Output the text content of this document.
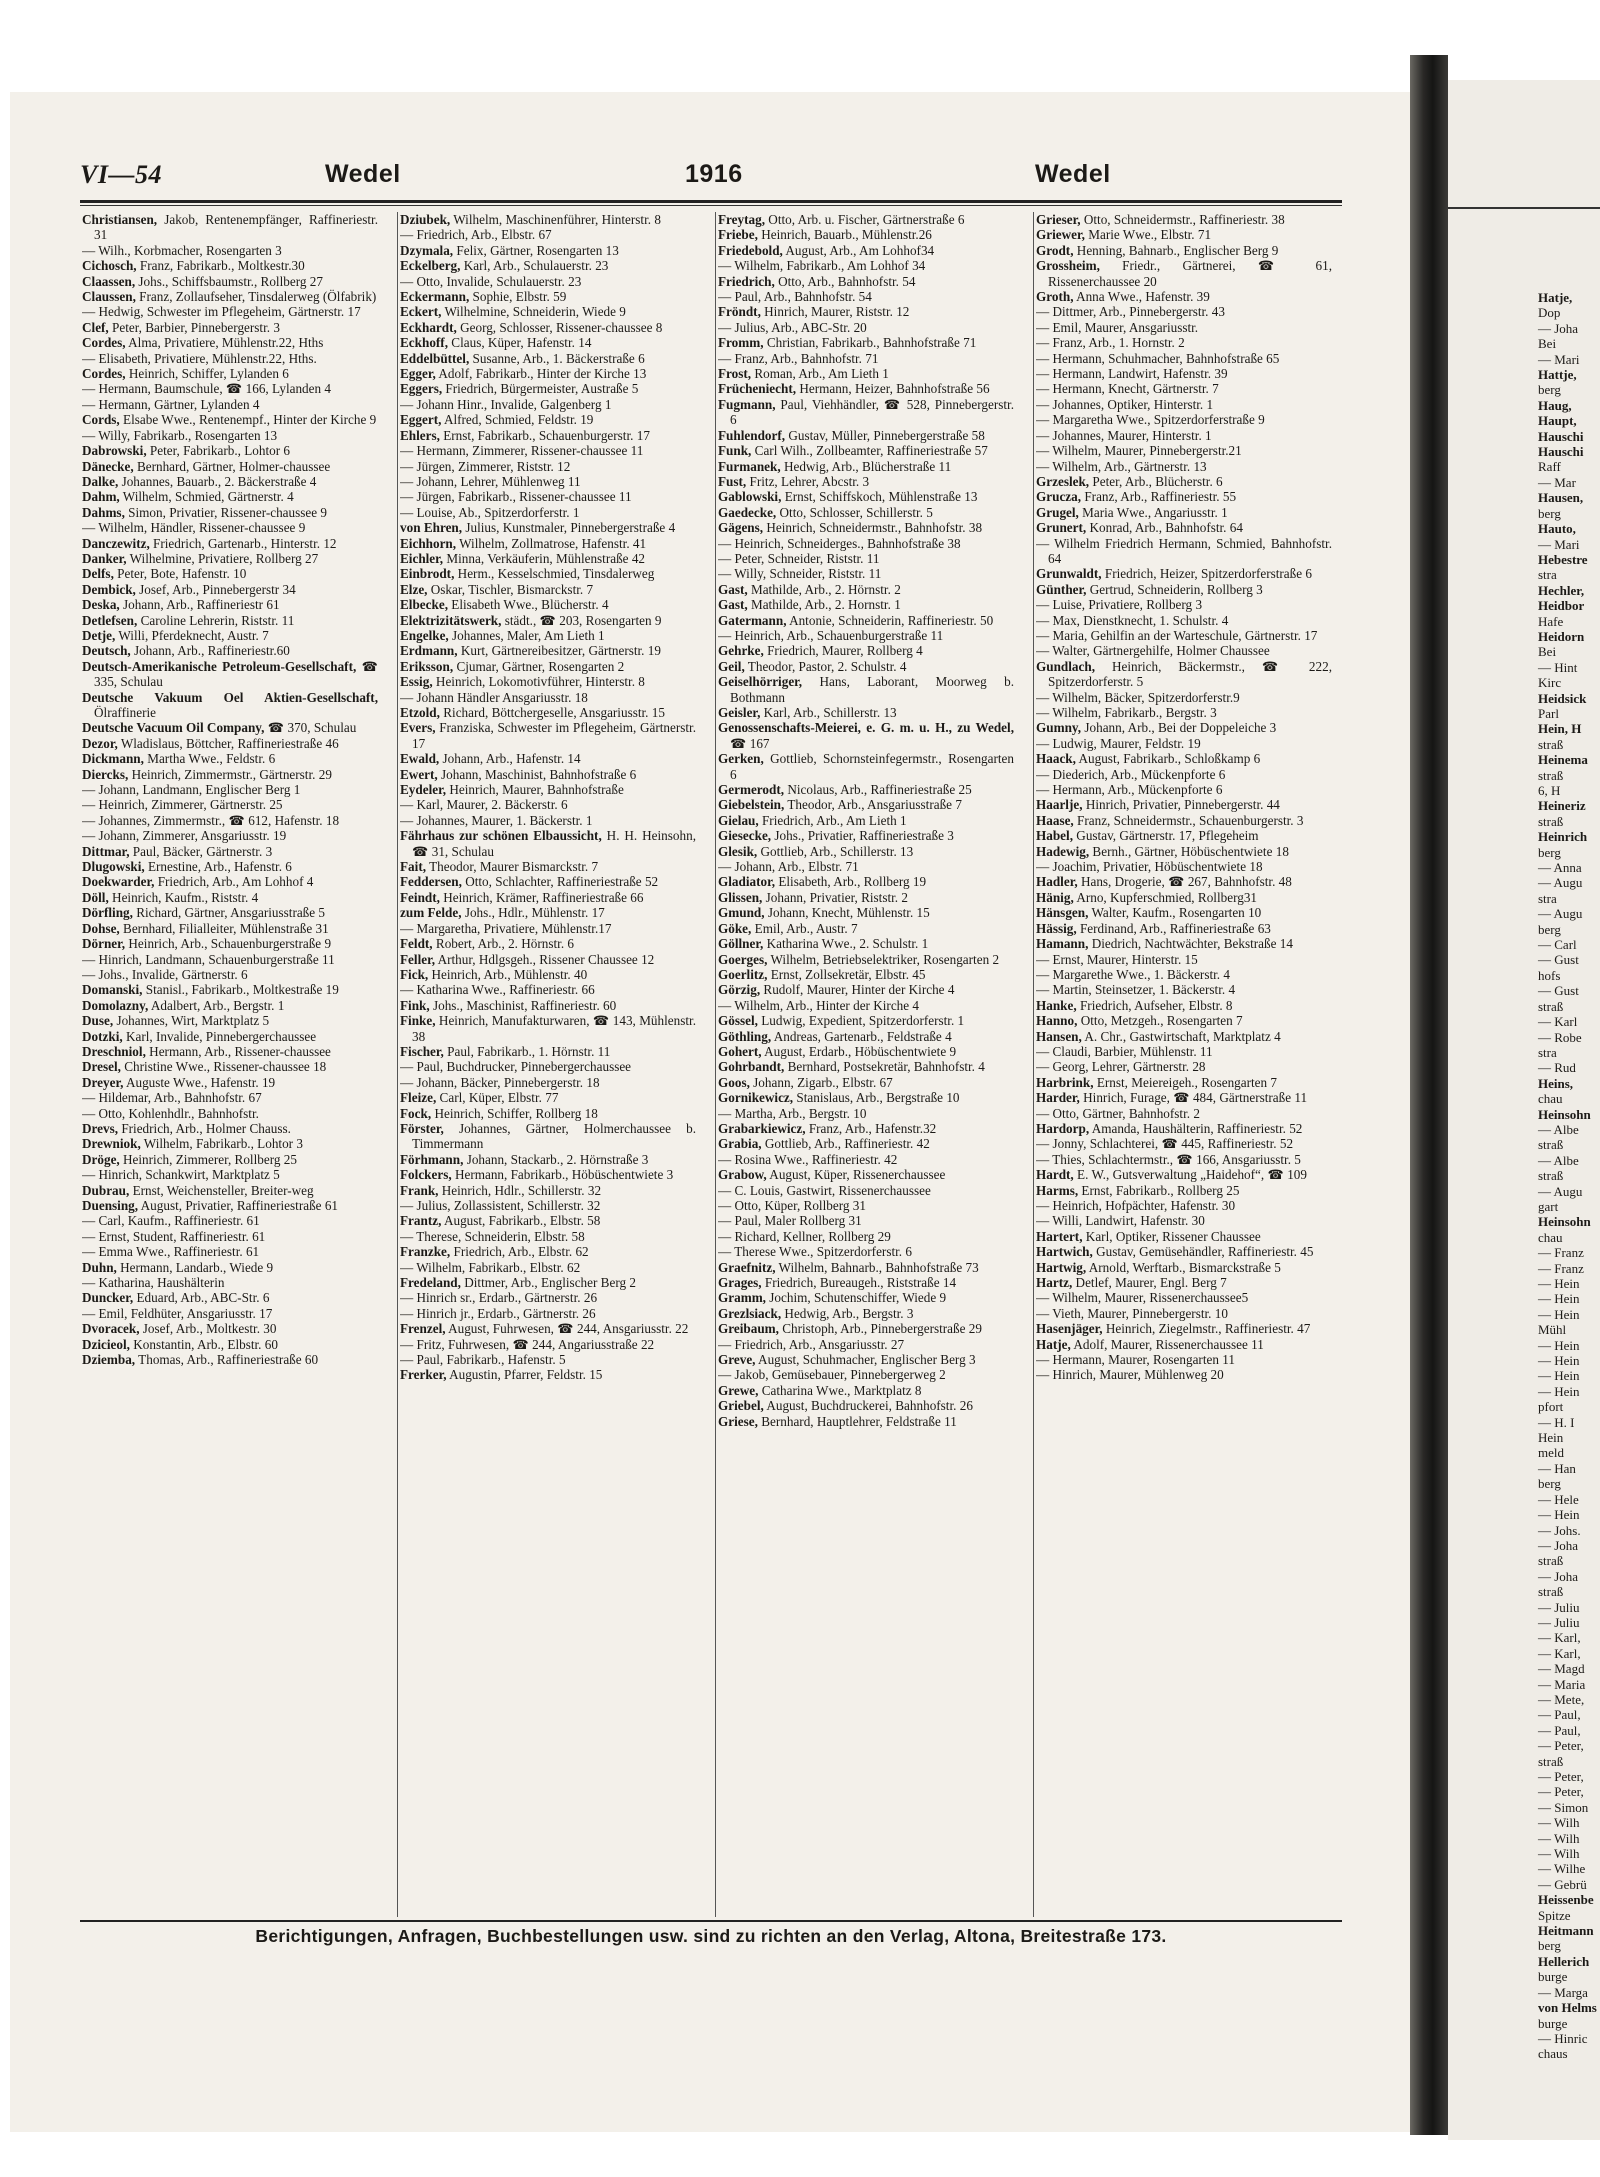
Hatje,
Dop
— Joha
Bei
— Mari
Hattje,
berg
Haug,
Haupt,
Hauschi
Hauschi
Raff
— Mar
Hausen,
berg
Hauto,
— Mari
Hebestre
stra
Hechler,
Heidbor
Hafe
Heidorn
Bei
— Hint
Kirc
Heidsick
Parl
Hein, H
straß
Heinema
straß
6, H
Heineriz
straß
Heinrich
berg
— Anna
— Augu
stra
— Augu
berg
— Carl
— Gust
hofs
— Gust
straß
— Karl
— Robe
stra
— Rud
Heins,
chau
Heinsohn
— Albe
straß
— Albe
straß
— Augu
gart
Heinsohn
chau
— Franz
— Franz
— Hein
— Hein
— Hein
Mühl
— Hein
— Hein
— Hein
— Hein
pfort
— H. I
Hein
meld
— Han
berg
— Hele
— Hein
— Johs.
— Joha
straß
— Joha
straß
— Juliu
— Juliu
— Karl,
— Karl,
— Magd
— Maria
— Mete,
— Paul,
— Paul,
— Peter,
straß
— Peter,
— Peter,
— Simon
— Wilh
— Wilh
— Wilh
— Wilhe
— Gebrü
Heissenbe
Spitze
Heitmann
berg
Hellerich
burge
— Marga
von Helms
burge
— Hinric
chaus
VI—54	Wedel	1916	Wedel

Christiansen, Jakob, Rentenempfänger, Raffineriestr. 31

— Wilh., Korbmacher, Rosengarten 3

Cichosch, Franz, Fabrikarb., Moltkestr.30

Claassen, Johs., Schiffsbaumstr., Rollberg 27

Claussen, Franz, Zollaufseher, Tinsdalerweg (Ölfabrik)

— Hedwig, Schwester im Pflegeheim, Gärtnerstr. 17

Clef, Peter, Barbier, Pinnebergerstr. 3

Cordes, Alma, Privatiere, Mühlenstr.22, Hths

— Elisabeth, Privatiere, Mühlenstr.22, Hths.

Cordes, Heinrich, Schiffer, Lylanden 6

— Hermann, Baumschule, ☎ 166, Lylanden 4

— Hermann, Gärtner, Lylanden 4

Cords, Elsabe Wwe., Rentenempf., Hinter der Kirche 9

— Willy, Fabrikarb., Rosengarten 13

Dabrowski, Peter, Fabrikarb., Lohtor 6

Dänecke, Bernhard, Gärtner, Holmer-chaussee

Dalke, Johannes, Bauarb., 2. Bäckerstraße 4

Dahm, Wilhelm, Schmied, Gärtnerstr. 4

Dahms, Simon, Privatier, Rissener-chaussee 9

— Wilhelm, Händler, Rissener-chaussee 9

Danczewitz, Friedrich, Gartenarb., Hinterstr. 12

Danker, Wilhelmine, Privatiere, Rollberg 27

Delfs, Peter, Bote, Hafenstr. 10

Dembick, Josef, Arb., Pinnebergerstr 34

Deska, Johann, Arb., Raffineriestr 61

Detlefsen, Caroline Lehrerin, Riststr. 11

Detje, Willi, Pferdeknecht, Austr. 7

Deutsch, Johann, Arb., Raffineriestr.60

Deutsch-Amerikanische Petroleum-Gesellschaft, ☎ 335, Schulau

Deutsche Vakuum Oel Aktien-Gesellschaft, Ölraffinerie

Deutsche Vacuum Oil Company, ☎ 370, Schulau

Dezor, Wladislaus, Böttcher, Raffineriestraße 46

Dickmann, Martha Wwe., Feldstr. 6

Diercks, Heinrich, Zimmermstr., Gärtnerstr. 29

— Johann, Landmann, Englischer Berg 1

— Heinrich, Zimmerer, Gärtnerstr. 25

— Johannes, Zimmermstr., ☎ 612, Hafenstr. 18

— Johann, Zimmerer, Ansgariusstr. 19

Dittmar, Paul, Bäcker, Gärtnerstr. 3

Dlugowski, Ernestine, Arb., Hafenstr. 6

Doekwarder, Friedrich, Arb., Am Lohhof 4

Döll, Heinrich, Kaufm., Riststr. 4

Dörfling, Richard, Gärtner, Ansgariusstraße 5

Dohse, Bernhard, Filialleiter, Mühlenstraße 31

Dörner, Heinrich, Arb., Schauenburgerstraße 9

— Hinrich, Landmann, Schauenburgerstraße 11

— Johs., Invalide, Gärtnerstr. 6

Domanski, Stanisl., Fabrikarb., Moltkestraße 19

Domolazny, Adalbert, Arb., Bergstr. 1

Duse, Johannes, Wirt, Marktplatz 5

Dotzki, Karl, Invalide, Pinnebergerchaussee

Dreschniol, Hermann, Arb., Rissener-chaussee

Dresel, Christine Wwe., Rissener-chaussee 18

Dreyer, Auguste Wwe., Hafenstr. 19

— Hildemar, Arb., Bahnhofstr. 67

— Otto, Kohlenhdlr., Bahnhofstr.

Drevs, Friedrich, Arb., Holmer Chauss.

Drewniok, Wilhelm, Fabrikarb., Lohtor 3

Dröge, Heinrich, Zimmerer, Rollberg 25

— Hinrich, Schankwirt, Marktplatz 5

Dubrau, Ernst, Weichensteller, Breiter-weg

Duensing, August, Privatier, Raffineriestraße 61

— Carl, Kaufm., Raffineriestr. 61

— Ernst, Student, Raffineriestr. 61

— Emma Wwe., Raffineriestr. 61

Duhn, Hermann, Landarb., Wiede 9

— Katharina, Haushälterin

Duncker, Eduard, Arb., ABC-Str. 6

— Emil, Feldhüter, Ansgariusstr. 17

Dvoracek, Josef, Arb., Moltkestr. 30

Dzicieol, Konstantin, Arb., Elbstr. 60

Dziemba, Thomas, Arb., Raffineriestraße 60

Dziubek, Wilhelm, Maschinenführer, Hinterstr. 8

— Friedrich, Arb., Elbstr. 67

Dzymala, Felix, Gärtner, Rosengarten 13

Eckelberg, Karl, Arb., Schulauerstr. 23

— Otto, Invalide, Schulauerstr. 23

Eckermann, Sophie, Elbstr. 59

Eckert, Wilhelmine, Schneiderin, Wiede 9

Eckhardt, Georg, Schlosser, Rissener-chaussee 8

Eckhoff, Claus, Küper, Hafenstr. 14

Eddelbüttel, Susanne, Arb., 1. Bäckerstraße 6

Egger, Adolf, Fabrikarb., Hinter der Kirche 13

Eggers, Friedrich, Bürgermeister, Austraße 5

— Johann Hinr., Invalide, Galgenberg 1

Eggert, Alfred, Schmied, Feldstr. 19

Ehlers, Ernst, Fabrikarb., Schauenburgerstr. 17

— Hermann, Zimmerer, Rissener-chaussee 11

— Jürgen, Zimmerer, Riststr. 12

— Johann, Lehrer, Mühlenweg 11

— Jürgen, Fabrikarb., Rissener-chaussee 11

— Louise, Ab., Spitzerdorferstr. 1

von Ehren, Julius, Kunstmaler, Pinnebergerstraße 4

Eichhorn, Wilhelm, Zollmatrose, Hafenstr. 41

Eichler, Minna, Verkäuferin, Mühlenstraße 42

Einbrodt, Herm., Kesselschmied, Tinsdalerweg

Elze, Oskar, Tischler, Bismarckstr. 7

Elbecke, Elisabeth Wwe., Blücherstr. 4

Elektrizitätswerk, städt., ☎ 203, Rosengarten 9

Engelke, Johannes, Maler, Am Lieth 1

Erdmann, Kurt, Gärtnereibesitzer, Gärtnerstr. 19

Eriksson, Cjumar, Gärtner, Rosengarten 2

Essig, Heinrich, Lokomotivführer, Hinterstr. 8

— Johann Händler Ansgariusstr. 18

Etzold, Richard, Böttchergeselle, Ansgariusstr. 15

Evers, Franziska, Schwester im Pflegeheim, Gärtnerstr. 17

Ewald, Johann, Arb., Hafenstr. 14

Ewert, Johann, Maschinist, Bahnhofstraße 6

Eydeler, Heinrich, Maurer, Bahnhofstraße

— Karl, Maurer, 2. Bäckerstr. 6

— Johannes, Maurer, 1. Bäckerstr. 1

Fährhaus zur schönen Elbaussicht, H. H. Heinsohn, ☎ 31, Schulau

Fait, Theodor, Maurer Bismarckstr. 7

Feddersen, Otto, Schlachter, Raffineriestraße 52

Feindt, Heinrich, Krämer, Raffineriestraße 66

zum Felde, Johs., Hdlr., Mühlenstr. 17

— Margaretha, Privatiere, Mühlenstr.17

Feldt, Robert, Arb., 2. Hörnstr. 6

Feller, Arthur, Hdlgsgeh., Rissener Chaussee 12

Fick, Heinrich, Arb., Mühlenstr. 40

— Katharina Wwe., Raffineriestr. 66

Fink, Johs., Maschinist, Raffineriestr. 60

Finke, Heinrich, Manufakturwaren, ☎ 143, Mühlenstr. 38

Fischer, Paul, Fabrikarb., 1. Hörnstr. 11

— Paul, Buchdrucker, Pinnebergerchaussee

— Johann, Bäcker, Pinnebergerstr. 18

Fleize, Carl, Küper, Elbstr. 77

Fock, Heinrich, Schiffer, Rollberg 18

Förster, Johannes, Gärtner, Holmerchaussee b. Timmermann

Förhmann, Johann, Stackarb., 2. Hörnstraße 3

Folckers, Hermann, Fabrikarb., Höbüschentwiete 3

Frank, Heinrich, Hdlr., Schillerstr. 32

— Julius, Zollassistent, Schillerstr. 32

Frantz, August, Fabrikarb., Elbstr. 58

— Therese, Schneiderin, Elbstr. 58

Franzke, Friedrich, Arb., Elbstr. 62

— Wilhelm, Fabrikarb., Elbstr. 62

Fredeland, Dittmer, Arb., Englischer Berg 2

— Hinrich sr., Erdarb., Gärtnerstr. 26

— Hinrich jr., Erdarb., Gärtnerstr. 26

Frenzel, August, Fuhrwesen, ☎ 244, Ansgariusstr. 22

— Fritz, Fuhrwesen, ☎ 244, Angariusstraße 22

— Paul, Fabrikarb., Hafenstr. 5

Frerker, Augustin, Pfarrer, Feldstr. 15

Freytag, Otto, Arb. u. Fischer, Gärtnerstraße 6

Friebe, Heinrich, Bauarb., Mühlenstr.26

Friedebold, August, Arb., Am Lohhof34

— Wilhelm, Fabrikarb., Am Lohhof 34

Friedrich, Otto, Arb., Bahnhofstr. 54

— Paul, Arb., Bahnhofstr. 54

Fröndt, Hinrich, Maurer, Riststr. 12

— Julius, Arb., ABC-Str. 20

Fromm, Christian, Fabrikarb., Bahnhofstraße 71

— Franz, Arb., Bahnhofstr. 71

Frost, Roman, Arb., Am Lieth 1

Frücheniecht, Hermann, Heizer, Bahnhofstraße 56

Fugmann, Paul, Viehhändler, ☎ 528, Pinnebergerstr. 6

Fuhlendorf, Gustav, Müller, Pinnebergerstraße 58

Funk, Carl Wilh., Zollbeamter, Raffineriestraße 57

Furmanek, Hedwig, Arb., Blücherstraße 11

Fust, Fritz, Lehrer, Abcstr. 3

Gablowski, Ernst, Schiffskoch, Mühlenstraße 13

Gaedecke, Otto, Schlosser, Schillerstr. 5

Gägens, Heinrich, Schneidermstr., Bahnhofstr. 38

— Heinrich, Schneiderges., Bahnhofstraße 38

— Peter, Schneider, Riststr. 11

— Willy, Schneider, Riststr. 11

Gast, Mathilde, Arb., 2. Hörnstr. 2

Gast, Mathilde, Arb., 2. Hornstr. 1

Gatermann, Antonie, Schneiderin, Raffineriestr. 50

— Heinrich, Arb., Schauenburgerstraße 11

Gehrke, Friedrich, Maurer, Rollberg 4

Geil, Theodor, Pastor, 2. Schulstr. 4

Geiselhörriger, Hans, Laborant, Moorweg b. Bothmann

Geisler, Karl, Arb., Schillerstr. 13

Genossenschafts-Meierei, e. G. m. u. H., zu Wedel, ☎ 167

Gerken, Gottlieb, Schornsteinfegermstr., Rosengarten 6

Germerodt, Nicolaus, Arb., Raffineriestraße 25

Giebelstein, Theodor, Arb., Ansgariusstraße 7

Gielau, Friedrich, Arb., Am Lieth 1

Giesecke, Johs., Privatier, Raffineriestraße 3

Glesik, Gottlieb, Arb., Schillerstr. 13

— Johann, Arb., Elbstr. 71

Gladiator, Elisabeth, Arb., Rollberg 19

Glissen, Johann, Privatier, Riststr. 2

Gmund, Johann, Knecht, Mühlenstr. 15

Göke, Emil, Arb., Austr. 7

Göllner, Katharina Wwe., 2. Schulstr. 1

Goerges, Wilhelm, Betriebselektriker, Rosengarten 2

Goerlitz, Ernst, Zollsekretär, Elbstr. 45

Görzig, Rudolf, Maurer, Hinter der Kirche 4

— Wilhelm, Arb., Hinter der Kirche 4

Gössel, Ludwig, Expedient, Spitzerdorferstr. 1

Göthling, Andreas, Gartenarb., Feldstraße 4

Gohert, August, Erdarb., Höbüschentwiete 9

Gohrbandt, Bernhard, Postsekretär, Bahnhofstr. 4

Goos, Johann, Zigarb., Elbstr. 67

Gornikewicz, Stanislaus, Arb., Bergstraße 10

— Martha, Arb., Bergstr. 10

Grabarkiewicz, Franz, Arb., Hafenstr.32

Grabia, Gottlieb, Arb., Raffineriestr. 42

— Rosina Wwe., Raffineriestr. 42

Grabow, August, Küper, Rissenerchaussee

— C. Louis, Gastwirt, Rissenerchaussee

— Otto, Küper, Rollberg 31

— Paul, Maler Rollberg 31

— Richard, Kellner, Rollberg 29

— Therese Wwe., Spitzerdorferstr. 6

Graefnitz, Wilhelm, Bahnarb., Bahnhofstraße 73

Grages, Friedrich, Bureaugeh., Riststraße 14

Gramm, Jochim, Schutenschiffer, Wiede 9

Grezlsiack, Hedwig, Arb., Bergstr. 3

Greibaum, Christoph, Arb., Pinnebergerstraße 29

— Friedrich, Arb., Ansgariusstr. 27

Greve, August, Schuhmacher, Englischer Berg 3

— Jakob, Gemüsebauer, Pinnebergerweg 2

Grewe, Catharina Wwe., Marktplatz 8

Griebel, August, Buchdruckerei, Bahnhofstr. 26

Griese, Bernhard, Hauptlehrer, Feldstraße 11

Grieser, Otto, Schneidermstr., Raffineriestr. 38

Griewer, Marie Wwe., Elbstr. 71

Grodt, Henning, Bahnarb., Englischer Berg 9

Grossheim, Friedr., Gärtnerei, ☎ 61, Rissenerchaussee 20

Groth, Anna Wwe., Hafenstr. 39

— Dittmer, Arb., Pinnebergerstr. 43

— Emil, Maurer, Ansgariusstr.

— Franz, Arb., 1. Hornstr. 2

— Hermann, Schuhmacher, Bahnhofstraße 65

— Hermann, Landwirt, Hafenstr. 39

— Hermann, Knecht, Gärtnerstr. 7

— Johannes, Optiker, Hinterstr. 1

— Margaretha Wwe., Spitzerdorferstraße 9

— Johannes, Maurer, Hinterstr. 1

— Wilhelm, Maurer, Pinnebergerstr.21

— Wilhelm, Arb., Gärtnerstr. 13

Grzeslek, Peter, Arb., Blücherstr. 6

Grucza, Franz, Arb., Raffineriestr. 55

Grugel, Maria Wwe., Angariusstr. 1

Grunert, Konrad, Arb., Bahnhofstr. 64

— Wilhelm Friedrich Hermann, Schmied, Bahnhofstr. 64

Grunwaldt, Friedrich, Heizer, Spitzerdorferstraße 6

Günther, Gertrud, Schneiderin, Rollberg 3

— Luise, Privatiere, Rollberg 3

— Max, Dienstknecht, 1. Schulstr. 4

— Maria, Gehilfin an der Warteschule, Gärtnerstr. 17

— Walter, Gärtnergehilfe, Holmer Chaussee

Gundlach, Heinrich, Bäckermstr., ☎ 222, Spitzerdorferstr. 5

— Wilhelm, Bäcker, Spitzerdorferstr.9

— Wilhelm, Fabrikarb., Bergstr. 3

Gumny, Johann, Arb., Bei der Doppeleiche 3

— Ludwig, Maurer, Feldstr. 19

Haack, August, Fabrikarb., Schloßkamp 6

— Diederich, Arb., Mückenpforte 6

— Hermann, Arb., Mückenpforte 6

Haarlje, Hinrich, Privatier, Pinnebergerstr. 44

Haase, Franz, Schneidermstr., Schauenburgerstr. 3

Habel, Gustav, Gärtnerstr. 17, Pflegeheim

Hadewig, Bernh., Gärtner, Höbüschentwiete 18

— Joachim, Privatier, Höbüschentwiete 18

Hadler, Hans, Drogerie, ☎ 267, Bahnhofstr. 48

Hänig, Arno, Kupferschmied, Rollberg31

Hänsgen, Walter, Kaufm., Rosengarten 10

Hässig, Ferdinand, Arb., Raffineriestraße 63

Hamann, Diedrich, Nachtwächter, Bekstraße 14

— Ernst, Maurer, Hinterstr. 15

— Margarethe Wwe., 1. Bäckerstr. 4

— Martin, Steinsetzer, 1. Bäckerstr. 4

Hanke, Friedrich, Aufseher, Elbstr. 8

Hanno, Otto, Metzgeh., Rosengarten 7

Hansen, A. Chr., Gastwirtschaft, Marktplatz 4

— Claudi, Barbier, Mühlenstr. 11

— Georg, Lehrer, Gärtnerstr. 28

Harbrink, Ernst, Meiereigeh., Rosengarten 7

Harder, Hinrich, Furage, ☎ 484, Gärtnerstraße 11

— Otto, Gärtner, Bahnhofstr. 2

Hardorp, Amanda, Haushälterin, Raffineriestr. 52

— Jonny, Schlachterei, ☎ 445, Raffineriestr. 52

— Thies, Schlachtermstr., ☎ 166, Ansgariusstr. 5

Hardt, E. W., Gutsverwaltung „Haidehof“, ☎ 109

Harms, Ernst, Fabrikarb., Rollberg 25

— Heinrich, Hofpächter, Hafenstr. 30

— Willi, Landwirt, Hafenstr. 30

Hartert, Karl, Optiker, Rissener Chaussee

Hartwich, Gustav, Gemüsehändler, Raffineriestr. 45

Hartwig, Arnold, Werftarb., Bismarckstraße 5

Hartz, Detlef, Maurer, Engl. Berg 7

— Wilhelm, Maurer, Rissenerchaussee5

— Vieth, Maurer, Pinnebergerstr. 10

Hasenjäger, Heinrich, Ziegelmstr., Raffineriestr. 47

Hatje, Adolf, Maurer, Rissenerchaussee 11

— Hermann, Maurer, Rosengarten 11

— Hinrich, Maurer, Mühlenweg 20

Berichtigungen, Anfragen, Buchbestellungen usw. sind zu richten an den Verlag, Altona, Breitestraße 173.
